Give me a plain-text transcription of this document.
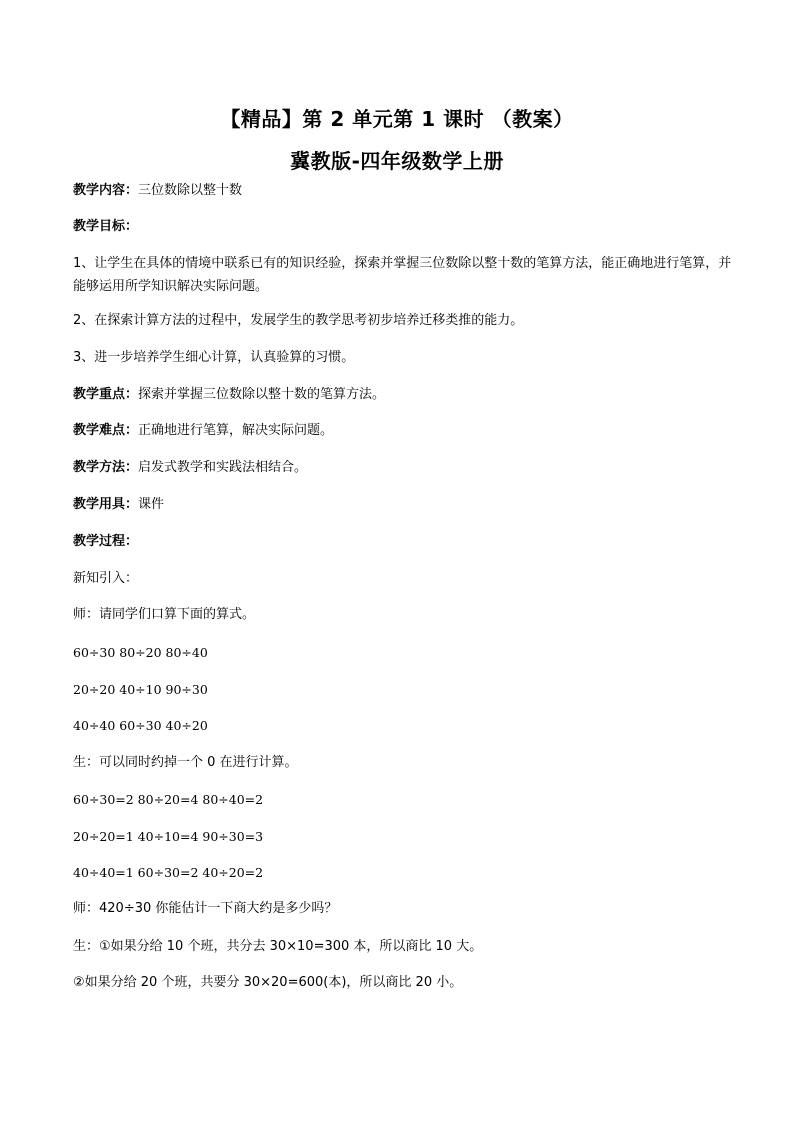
【精品】第 2 单元第 1 课时 （教案）
冀教版-四年级数学上册
教学内容：三位数除以整十数
教学目标：
1、让学生在具体的情境中联系已有的知识经验，探索并掌握三位数除以整十数的笔算方法，能正确地进行笔算，并能够运用所学知识解决实际问题。
2、在探索计算方法的过程中，发展学生的教学思考初步培养迁移类推的能力。
3、进一步培养学生细心计算，认真验算的习惯。
教学重点：探索并掌握三位数除以整十数的笔算方法。
教学难点：正确地进行笔算，解决实际问题。
教学方法：启发式教学和实践法相结合。
教学用具：课件
教学过程：
新知引入：
师：请同学们口算下面的算式。
60÷30 80÷20 80÷40
20÷20 40÷10 90÷30
40÷40 60÷30 40÷20
生：可以同时约掉一个 0 在进行计算。
60÷30=2 80÷20=4 80÷40=2
20÷20=1 40÷10=4 90÷30=3
40÷40=1 60÷30=2 40÷20=2
师：420÷30 你能估计一下商大约是多少吗？
生：①如果分给 10 个班，共分去 30×10=300 本，所以商比 10 大。
②如果分给 20 个班，共要分 30×20=600(本)，所以商比 20 小。
